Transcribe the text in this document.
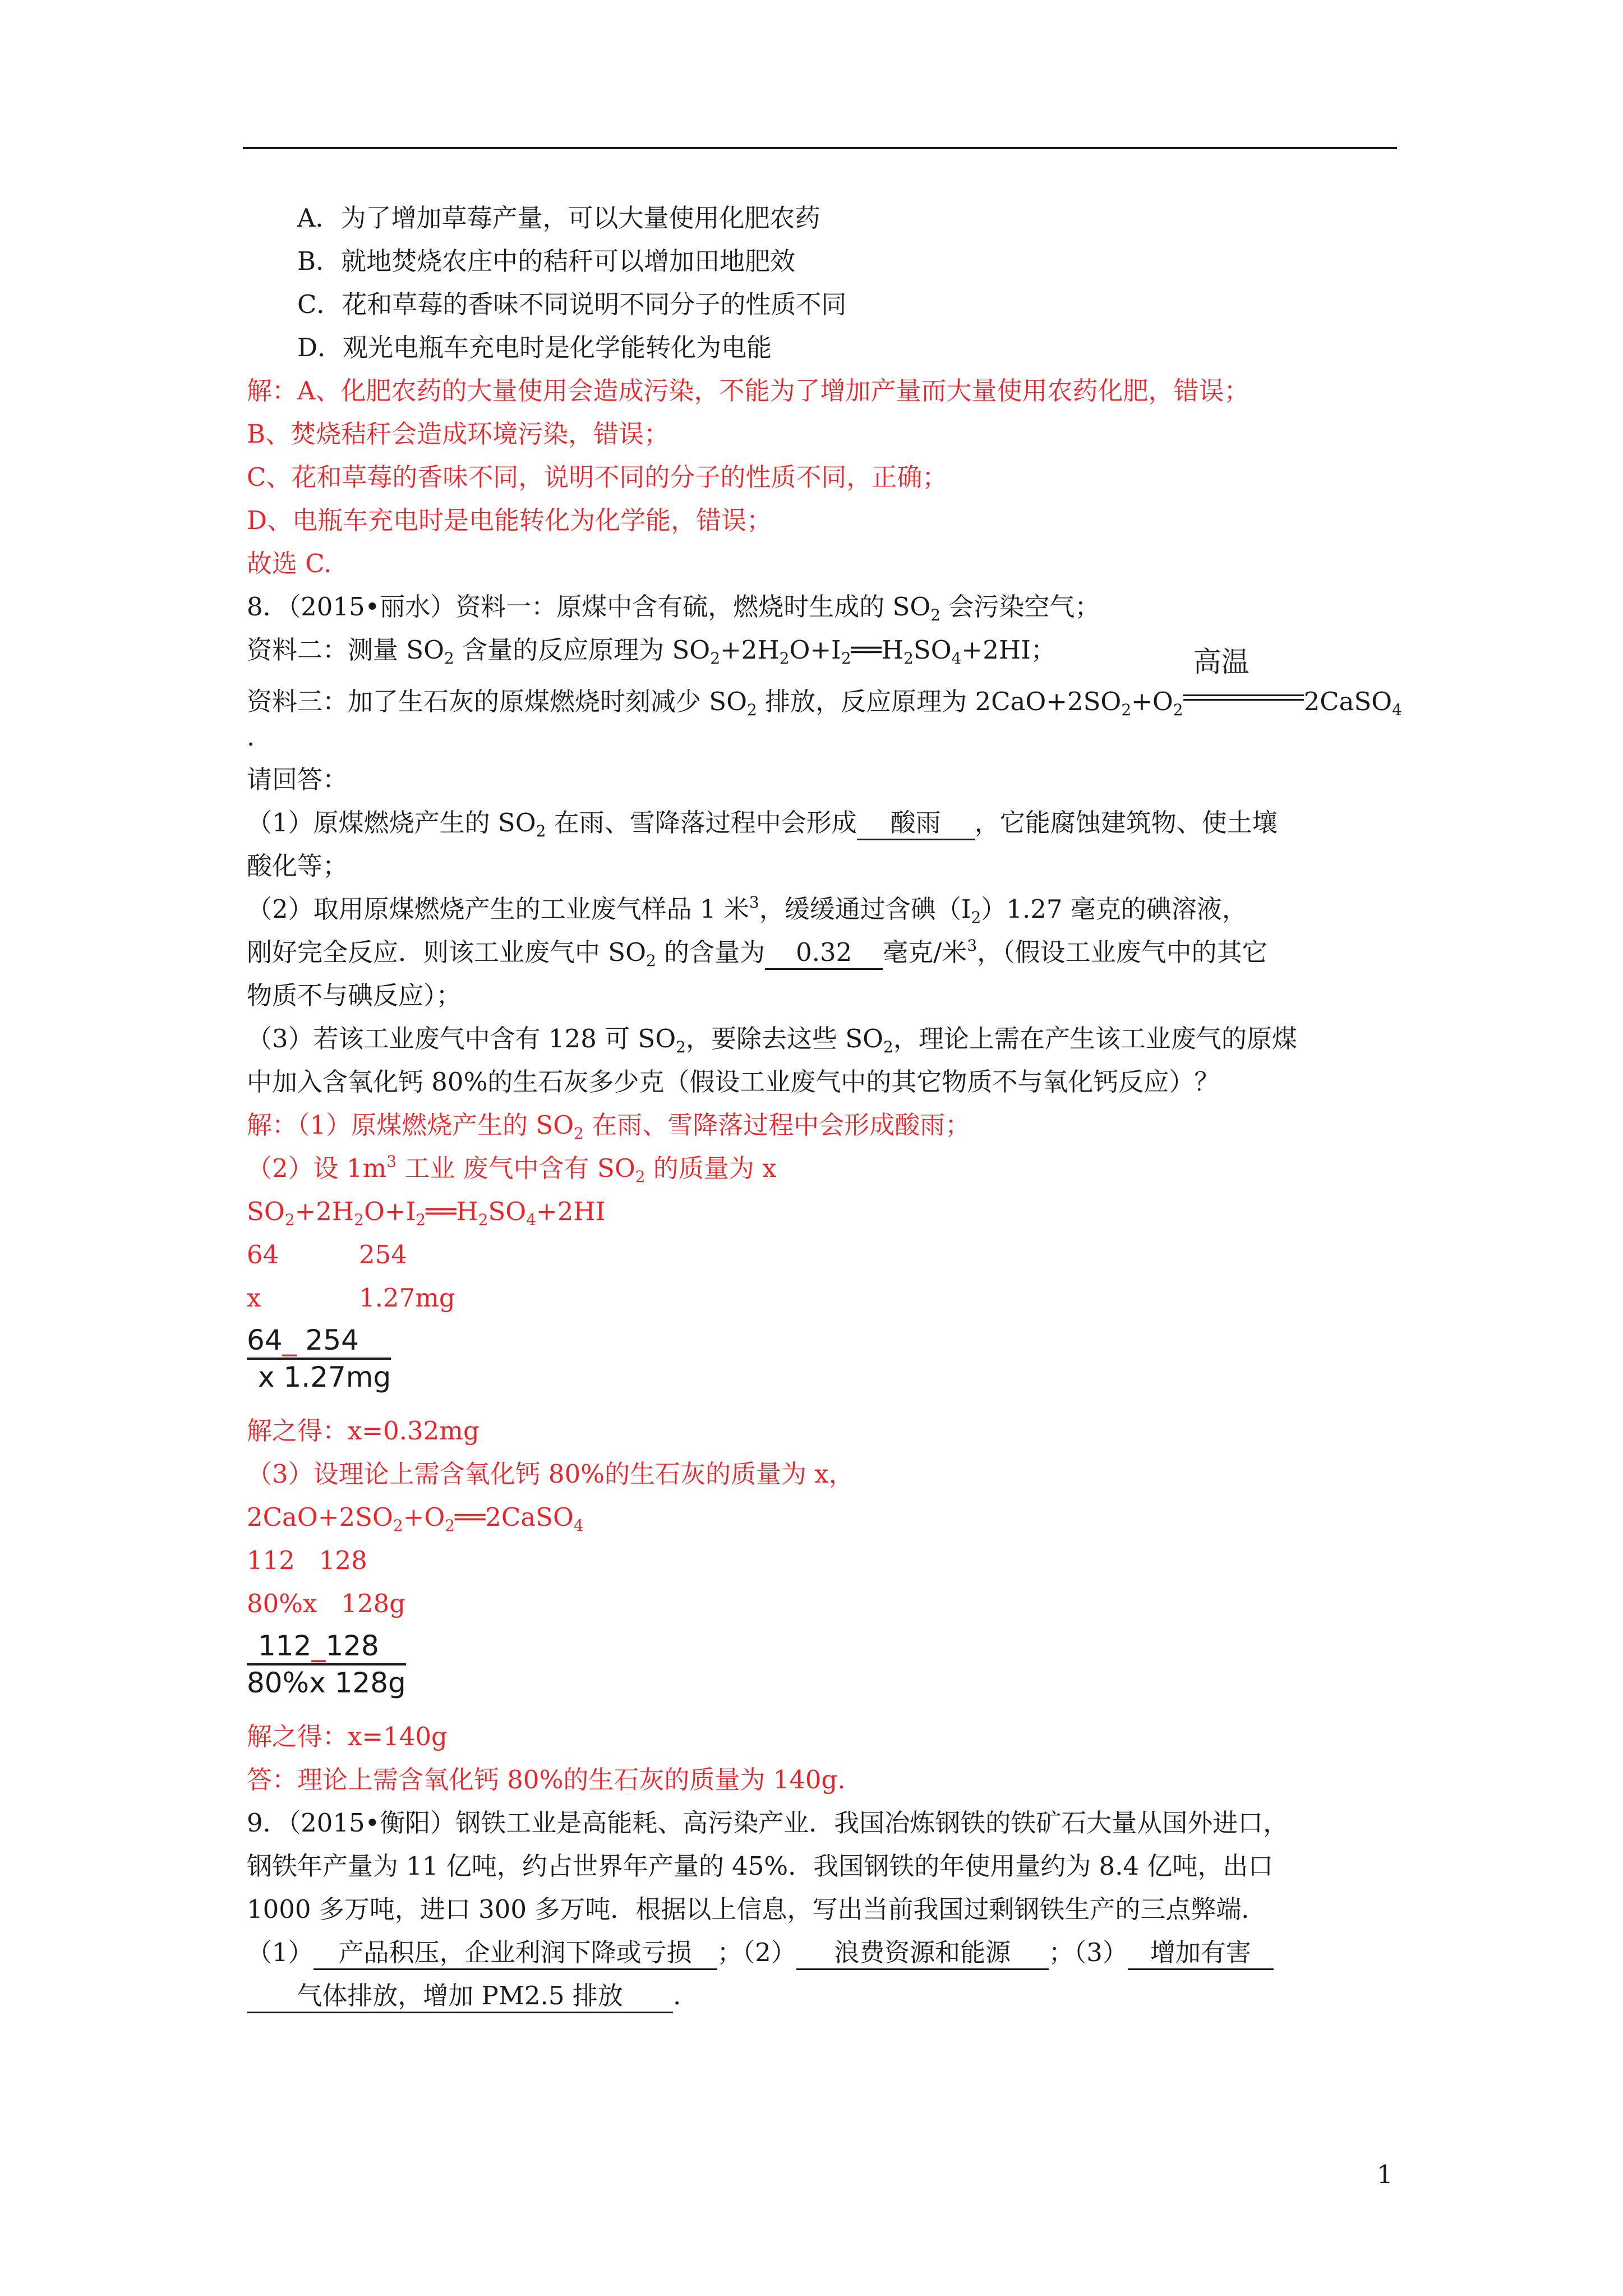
A．为了增加草莓产量，可以大量使用化肥农药
B．就地焚烧农庄中的秸秆可以增加田地肥效
C．花和草莓的香味不同说明不同分子的性质不同
D．观光电瓶车充电时是化学能转化为电能
解：A、化肥农药的大量使用会造成污染，不能为了增加产量而大量使用农药化肥，错误；
B、焚烧秸秆会造成环境污染，错误；
C、花和草莓的香味不同，说明不同的分子的性质不同，正确；
D、电瓶车充电时是电能转化为化学能，错误；
故选 C.
8．（2015•丽水）资料一：原煤中含有硫，燃烧时生成的 $SO_2$ 会污染空气；
资料二：测量 $SO_2$ 含量的反应原理为 $SO_2+2H_2O+I_2══H_2SO_4+2HI$；
资料三：加了生石灰的原煤燃烧时刻减少 $SO_2$ 排放，反应原理为 $2CaO+2SO_2+O_2$
高温
2CaSO$_4$
.
请回答：
（1）原煤燃烧产生的 $SO_2$ 在雨、雪降落过程中会形成 酸雨 ，它能腐蚀建筑物、使土壤
酸化等；
（2）取用原煤燃烧产生的工业废气样品 1 米$^3$，缓缓通过含碘$(I_2)1.27$ 毫克的碘溶液，
刚好完全反应．则该工业废气中 $SO_2$ 的含量为 0.32 毫克/米$^3$，（假设工业废气中的其它
物质不与碘反应）；
（3）若该工业废气中含有 128 可 $SO_2$，要除去这些 $SO_2$，理论上需在产生该工业废气的原煤
中加入含氧化钙 80%的生石灰多少克（假设工业废气中的其它物质不与氧化钙反应）？
解：（1）原煤燃烧产生的 $SO_2$ 在雨、雪降落过程中会形成酸雨；
（2）设 $1m^3$ 工业 废气中含有 $SO_2$ 的质量为 x
$SO_2+2H_2O+I_2══H_2SO_4+2HI$
64	254
x	1.27mg
$\frac{64\_ 254}{x 1.27mg}$
解之得：x=0.32mg
（3）设理论上需含氧化钙 80%的生石灰的质量为 x，
$2CaO+2SO_2+O_2══2CaSO_4$
112   128
80%x   128g
$\frac{112\_128}{80\%x 128g}$
解之得：x=140g
答：理论上需含氧化钙 80%的生石灰的质量为 140g.
9．（2015•衡阳）钢铁工业是高能耗、高污染产业．我国冶炼钢铁的铁矿石大量从国外进口，
钢铁年产量为 11 亿吨，约占世界年产量的 45%．我国钢铁的年使用量约为 8.4 亿吨，出口
1000 多万吨，进口 300 多万吨．根据以上信息，写出当前我国过剩钢铁生产的三点弊端．
（1） 产品积压，企业利润下降或亏损 ；（2） 浪费资源和能源 ；（3） 增加有害
气体排放，增加 PM2.5 排放 .
1
